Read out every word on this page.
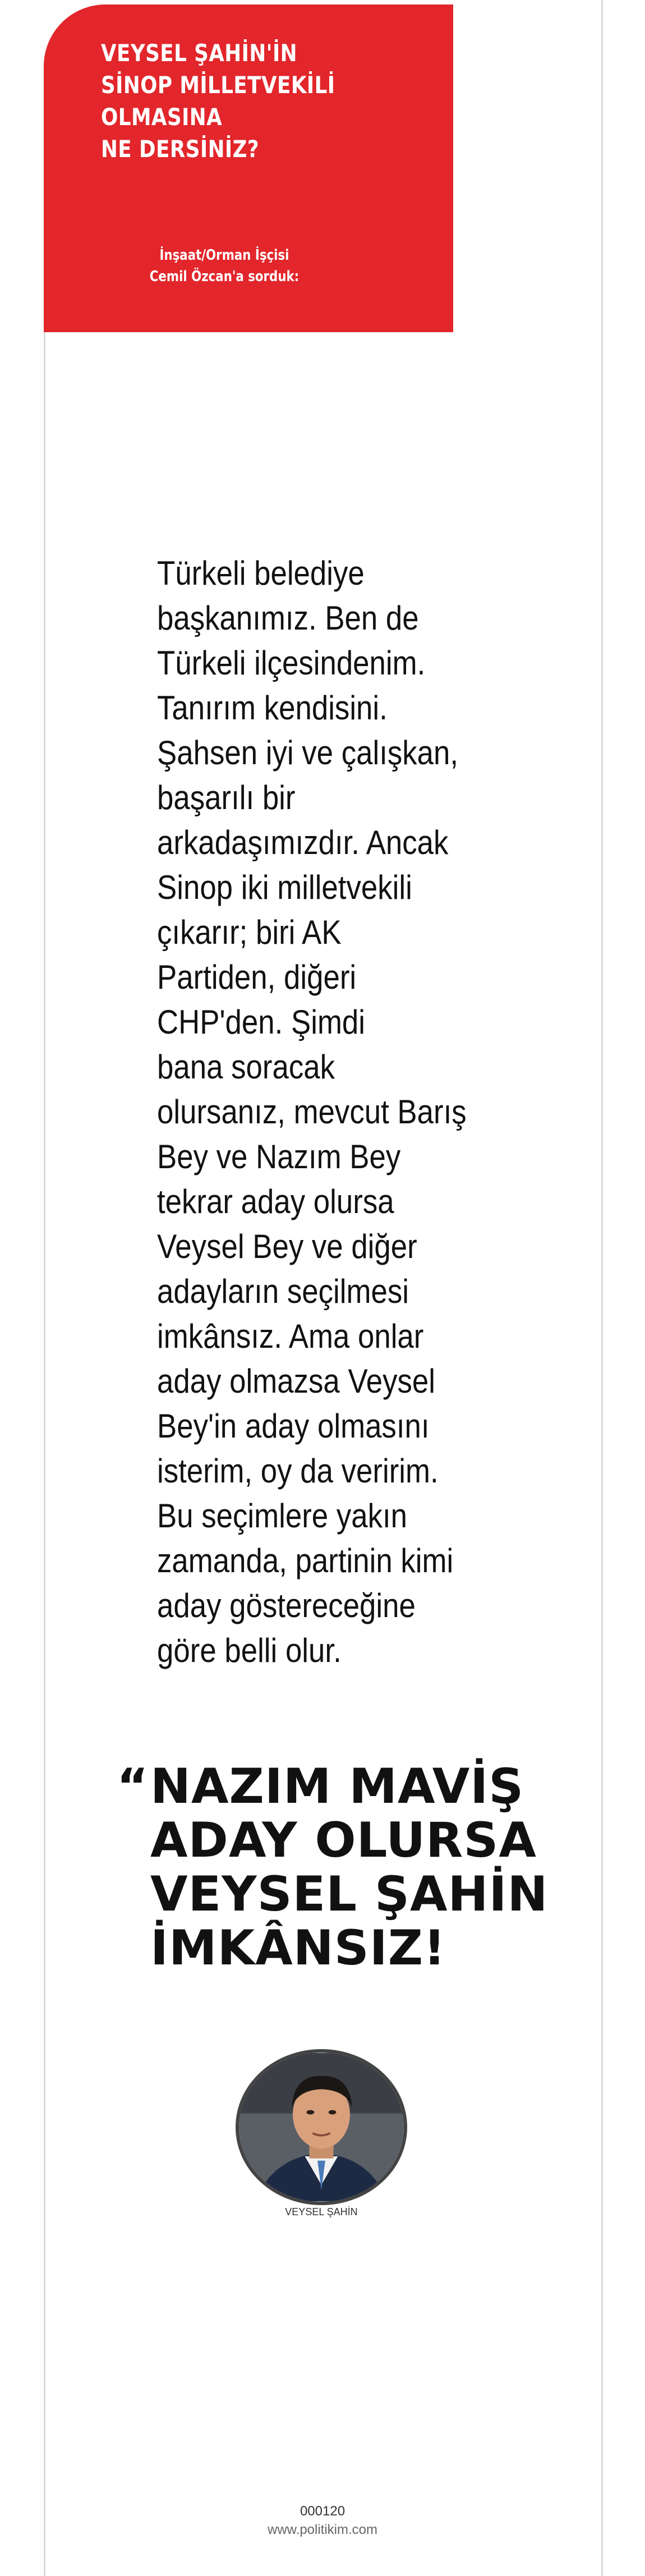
VEYSEL ŞAHİN'İN
SİNOP MİLLETVEKİLİ
OLMASINA
NE DERSİNİZ?
İnşaat/Orman İşçisi
Cemil Özcan'a sorduk:
Türkeli belediye
başkanımız. Ben de
Türkeli ilçesindenim.
Tanırım kendisini.
Şahsen iyi ve çalışkan,
başarılı bir
arkadaşımızdır. Ancak
Sinop iki milletvekili
çıkarır; biri AK
Partiden, diğeri
CHP'den. Şimdi
bana soracak
olursanız, mevcut Barış
Bey ve Nazım Bey
tekrar aday olursa
Veysel Bey ve diğer
adayların seçilmesi
imkânsız. Ama onlar
aday olmazsa Veysel
Bey'in aday olmasını
isterim, oy da veririm.
Bu seçimlere yakın
zamanda, partinin kimi
aday göstereceğine
göre belli olur.
“ NAZIM MAVİŞ
ADAY OLURSA
VEYSEL ŞAHİN
İMKÂNSIZ!
VEYSEL ŞAHİN
000120
www.politikim.com
